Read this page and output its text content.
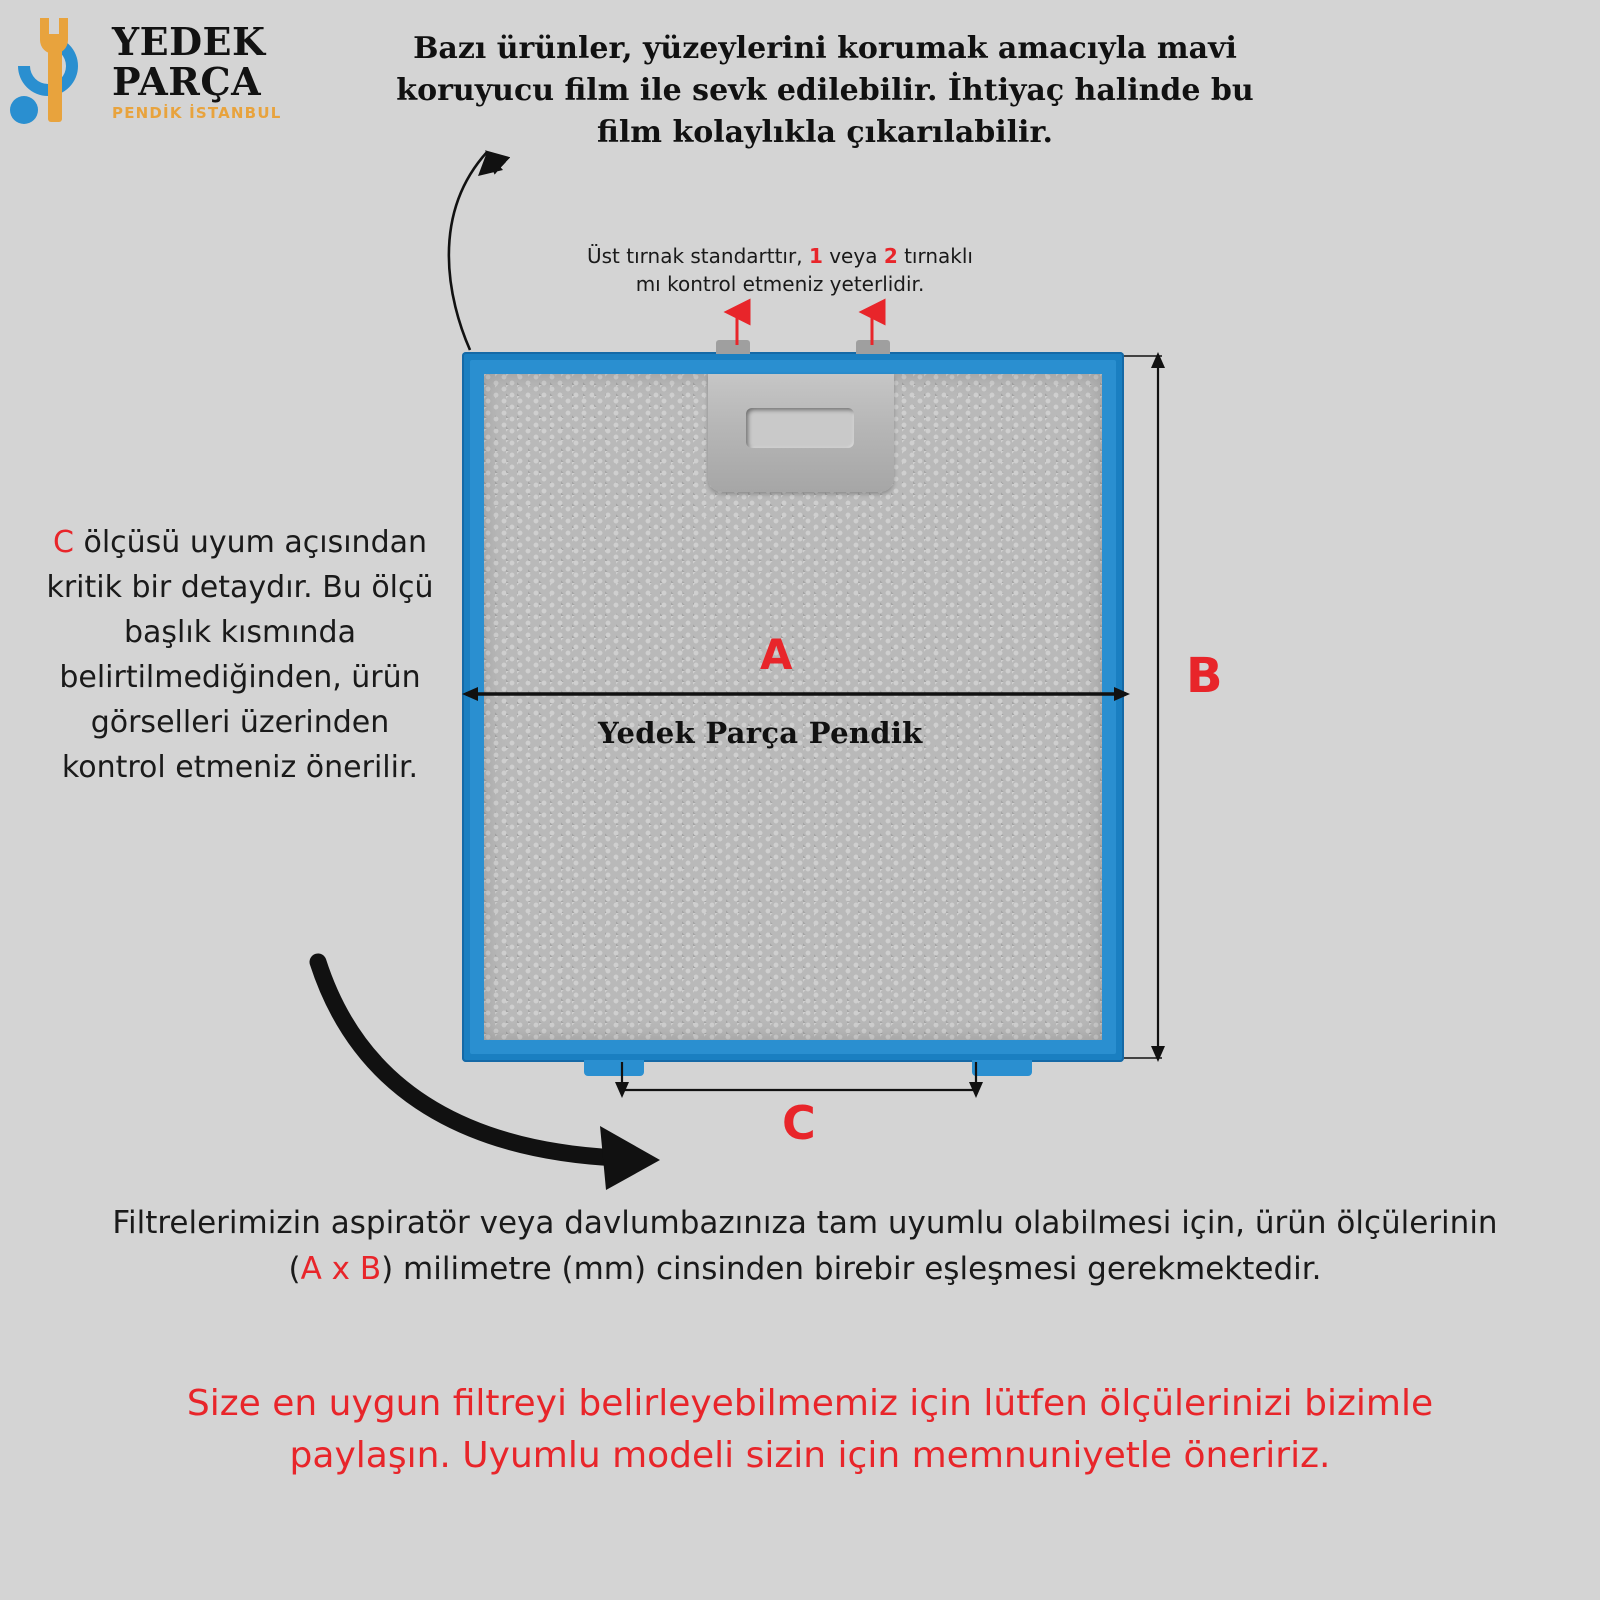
YEDEK
PARÇA
PENDİK İSTANBUL
Bazı ürünler, yüzeylerini korumak amacıyla mavi koruyucu film ile sevk edilebilir. İhtiyaç halinde bu film kolaylıkla çıkarılabilir.
Üst tırnak standarttır, 1 veya 2 tırnaklı
mı kontrol etmeniz yeterlidir.
C ölçüsü uyum açısından kritik bir detaydır. Bu ölçü başlık kısmında belirtilmediğinden, ürün görselleri üzerinden kontrol etmeniz önerilir.
A	B
C
Yedek Parça Pendik
Filtrelerimizin aspiratör veya davlumbazınıza tam uyumlu olabilmesi için, ürün ölçülerinin (A x B) milimetre (mm) cinsinden birebir eşleşmesi gerekmektedir.
Size en uygun filtreyi belirleyebilmemiz için lütfen ölçülerinizi bizimle paylaşın. Uyumlu modeli sizin için memnuniyetle öneririz.
